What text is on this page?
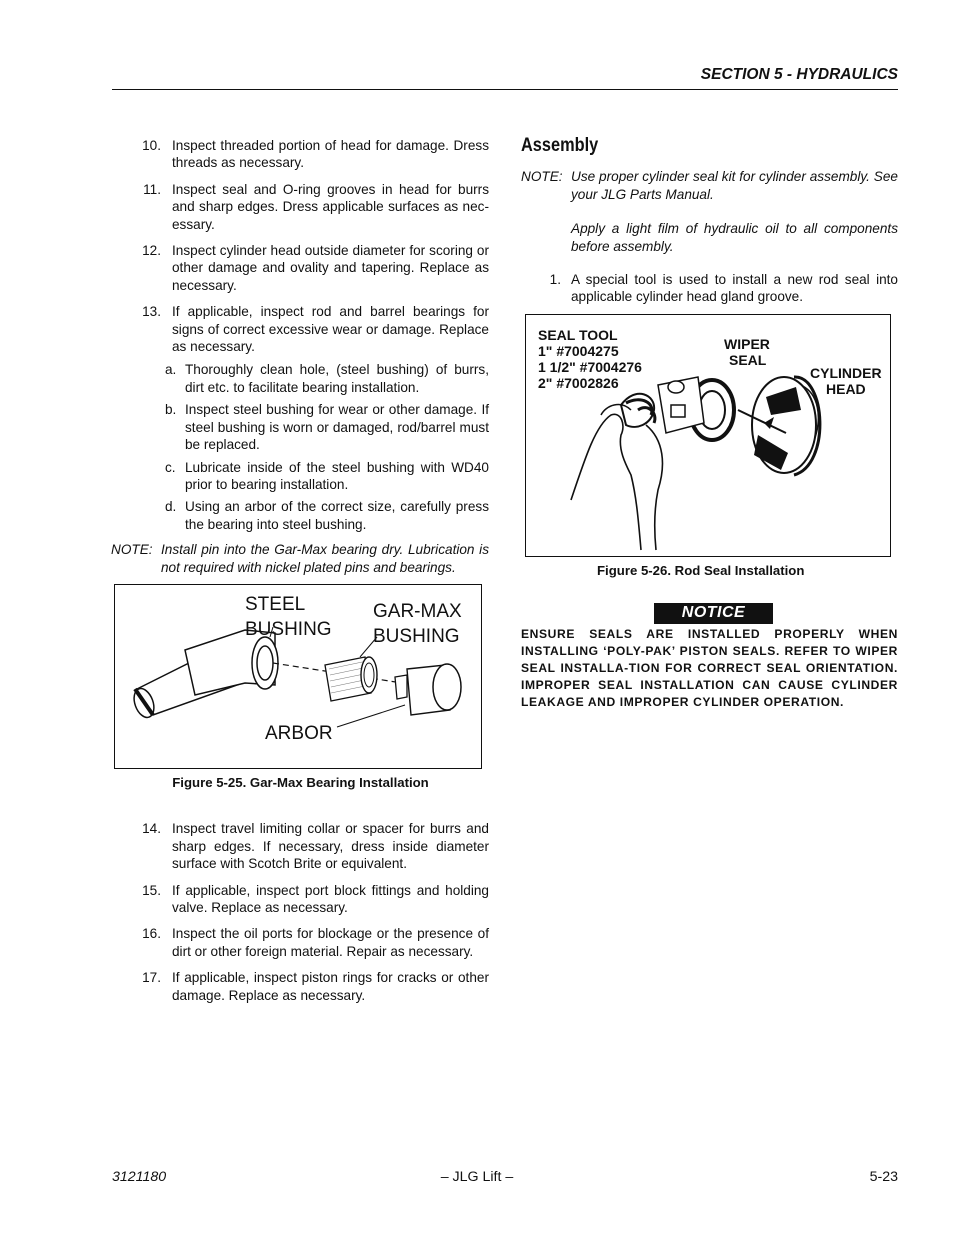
SECTION 5 - HYDRAULICS
10. Inspect threaded portion of head for damage. Dress threads as necessary.
11. Inspect seal and O-ring grooves in head for burrs and sharp edges. Dress applicable surfaces as nec-essary.
12. Inspect cylinder head outside diameter for scoring or other damage and ovality and tapering. Replace as necessary.
13. If applicable, inspect rod and barrel bearings for signs of correct excessive wear or damage. Replace as necessary.
a. Thoroughly clean hole, (steel bushing) of burrs, dirt etc. to facilitate bearing installation.
b. Inspect steel bushing for wear or other damage. If steel bushing is worn or damaged, rod/barrel must be replaced.
c. Lubricate inside of the steel bushing with WD40 prior to bearing installation.
d. Using an arbor of the correct size, carefully press the bearing into steel bushing.
NOTE: Install pin into the Gar-Max bearing dry. Lubrication is not required with nickel plated pins and bearings.
STEEL
BUSHING
GAR-MAX
BUSHING
ARBOR
Figure 5-25. Gar-Max Bearing Installation
14. Inspect travel limiting collar or spacer for burrs and sharp edges. If necessary, dress inside diameter surface with Scotch Brite or equivalent.
15. If applicable, inspect port block fittings and holding valve. Replace as necessary.
16. Inspect the oil ports for blockage or the presence of dirt or other foreign material. Repair as necessary.
17. If applicable, inspect piston rings for cracks or other damage. Replace as necessary.
Assembly
NOTE: Use proper cylinder seal kit for cylinder assembly. See your JLG Parts Manual.
Apply a light film of hydraulic oil to all components before assembly.
1. A special tool is used to install a new rod seal into applicable cylinder head gland groove.
SEAL TOOL
1" #7004275
1 1/2" #7004276
2" #7002826
WIPER
SEAL
CYLINDER
HEAD
Figure 5-26. Rod Seal Installation
NOTICE
ENSURE SEALS ARE INSTALLED PROPERLY WHEN INSTALLING ‘POLY-PAK’ PISTON SEALS. REFER TO WIPER SEAL INSTALLA-TION FOR CORRECT SEAL ORIENTATION. IMPROPER SEAL INSTALLATION CAN CAUSE CYLINDER LEAKAGE AND IMPROPER CYLINDER OPERATION.
3121180	– JLG Lift –	5-23
